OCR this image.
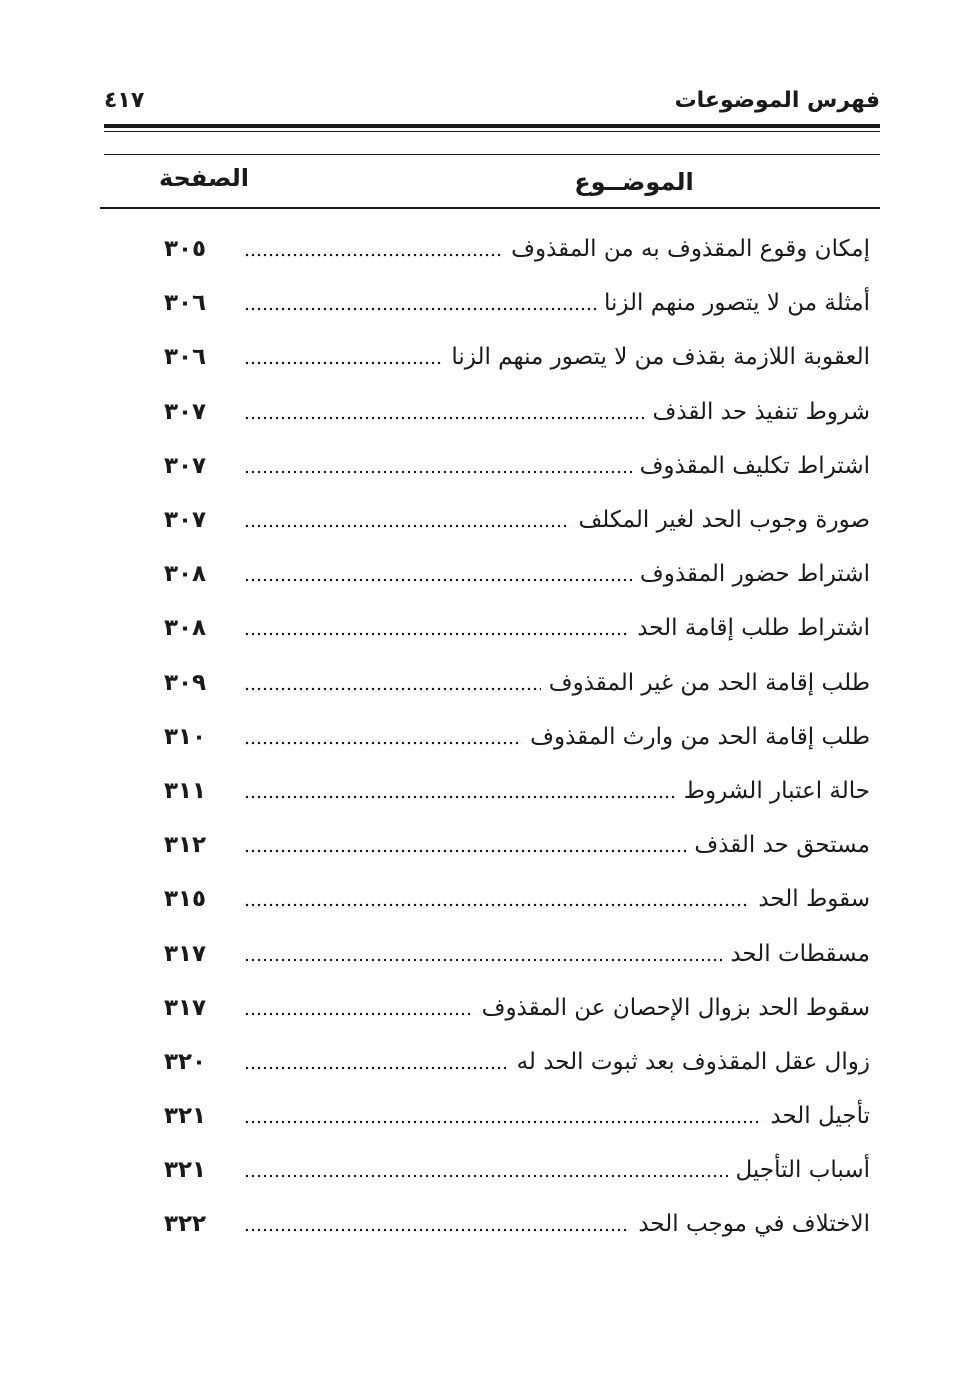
فهرس الموضوعات
٤١٧
الموضــوع
الصفحة
إمكان وقوع المقذوف به من المقذوف
٣٠٥
أمثلة من لا يتصور منهم الزنا
٣٠٦
العقوبة اللازمة بقذف من لا يتصور منهم الزنا
٣٠٦
شروط تنفيذ حد القذف
٣٠٧
اشتراط تكليف المقذوف
٣٠٧
صورة وجوب الحد لغير المكلف
٣٠٧
اشتراط حضور المقذوف
٣٠٨
اشتراط طلب إقامة الحد
٣٠٨
طلب إقامة الحد من غير المقذوف
٣٠٩
طلب إقامة الحد من وارث المقذوف
٣١٠
حالة اعتبار الشروط
٣١١
مستحق حد القذف
٣١٢
سقوط الحد
٣١٥
مسقطات الحد
٣١٧
سقوط الحد بزوال الإحصان عن المقذوف
٣١٧
زوال عقل المقذوف بعد ثبوت الحد له
٣٢٠
تأجيل الحد
٣٢١
أسباب التأجيل
٣٢١
الاختلاف في موجب الحد
٣٢٢
